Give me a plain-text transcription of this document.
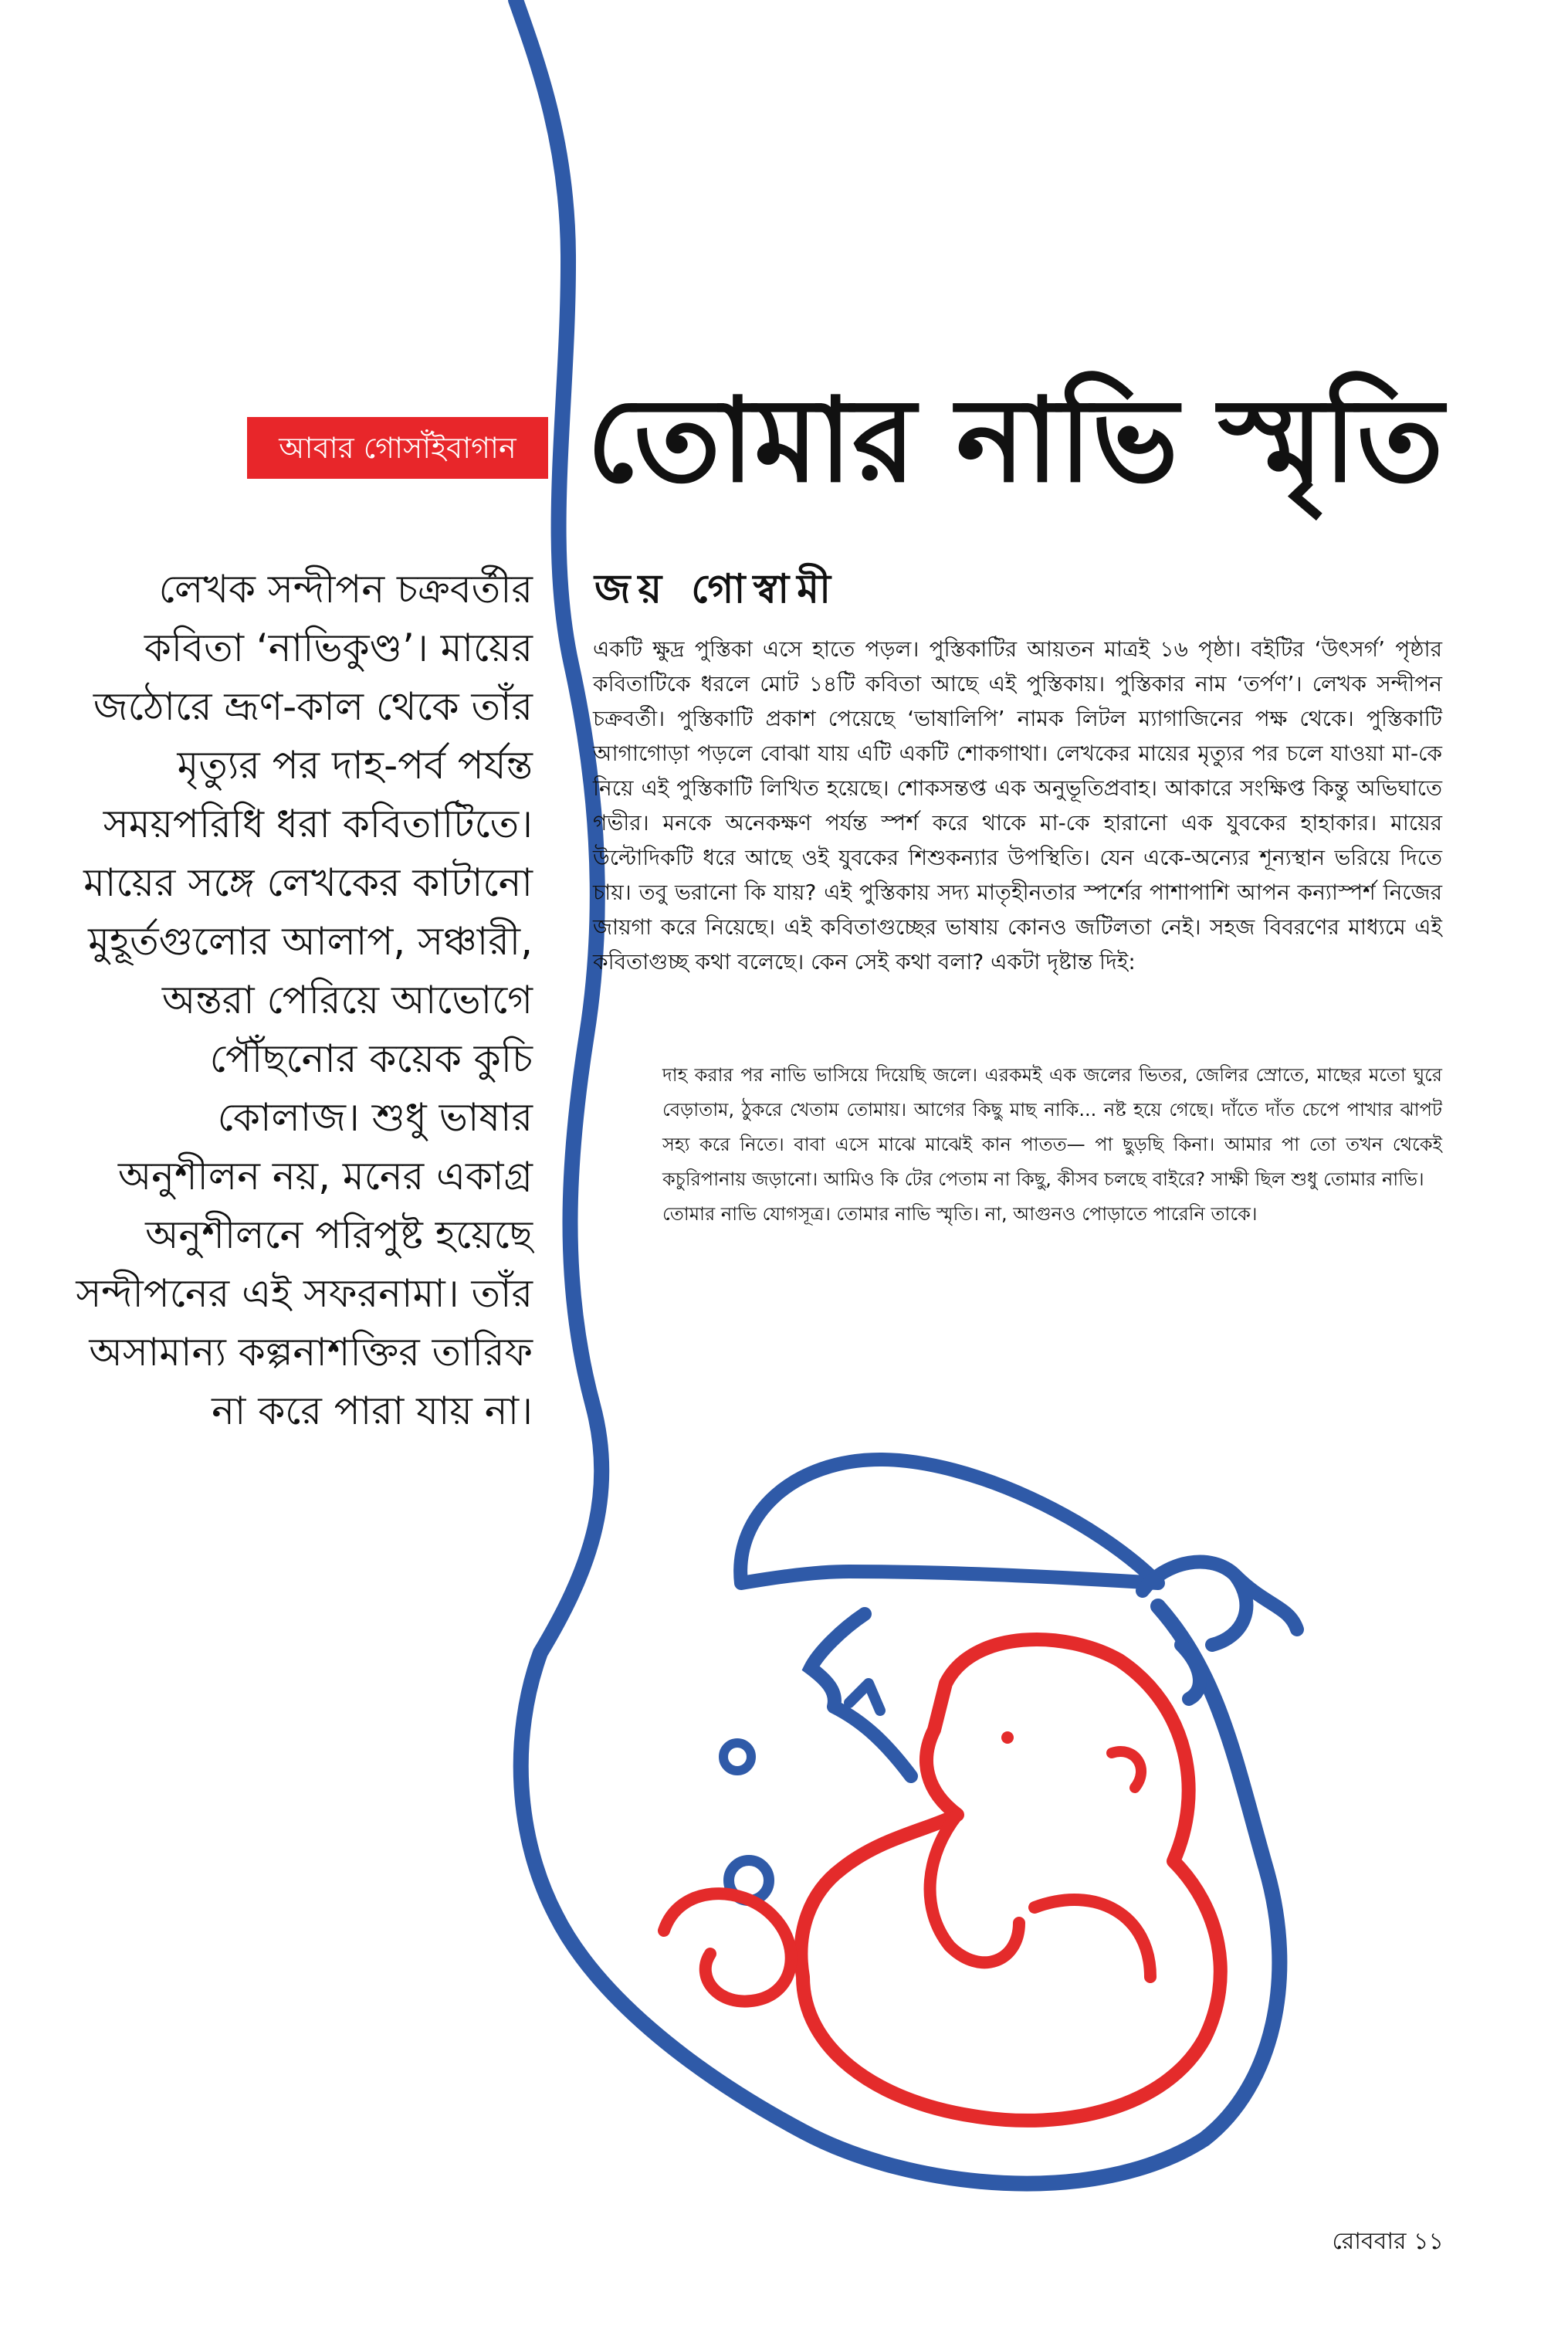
আবার গোসাঁইবাগান তোমার নাভি স্মৃতি
জয় গোস্বামী
লেখক সন্দীপন চক্রবর্তীর কবিতা ‘নাভিকুণ্ড’। মায়ের জঠোরে ভ্রূণ-কাল থেকে তাঁর মৃত্যুর পর দাহ-পর্ব পর্যন্ত সময়পরিধি ধরা কবিতাটিতে। মায়ের সঙ্গে লেখকের কাটানো মুহূর্তগুলোর আলাপ, সঞ্চারী, অন্তরা পেরিয়ে আভোগে পৌঁছনোর কয়েক কুচি কোলাজ। শুধু ভাষার অনুশীলন নয়, মনের একাগ্র অনুশীলনে পরিপুষ্ট হয়েছে সন্দীপনের এই সফরনামা। তাঁর অসামান্য কল্পনাশক্তির তারিফ না করে পারা যায় না।
একটি ক্ষুদ্র পুস্তিকা এসে হাতে পড়ল। পুস্তিকাটির আয়তন মাত্রই ১৬ পৃষ্ঠা। বইটির ‘উৎসর্গ’ পৃষ্ঠার কবিতাটিকে ধরলে মোট ১৪টি কবিতা আছে এই পুস্তিকায়। পুস্তিকার নাম ‘তর্পণ’। লেখক সন্দীপন চক্রবর্তী। পুস্তিকাটি প্রকাশ পেয়েছে ‘ভাষালিপি’ নামক লিটল ম্যাগাজিনের পক্ষ থেকে। পুস্তিকাটি আগাগোড়া পড়লে বোঝা যায় এটি একটি শোকগাথা। লেখকের মায়ের মৃত্যুর পর চলে যাওয়া মা-কে নিয়ে এই পুস্তিকাটি লিখিত হয়েছে। শোকসন্তপ্ত এক অনুভূতিপ্রবাহ। আকারে সংক্ষিপ্ত কিন্তু অভিঘাতে গভীর। মনকে অনেকক্ষণ পর্যন্ত স্পর্শ করে থাকে মা-কে হারানো এক যুবকের হাহাকার। মায়ের উল্টোদিকটি ধরে আছে ওই যুবকের শিশুকন্যার উপস্থিতি। যেন একে-অন্যের শূন্যস্থান ভরিয়ে দিতে চায়। তবু ভরানো কি যায়? এই পুস্তিকায় সদ্য মাতৃহীনতার স্পর্শের পাশাপাশি আপন কন্যাস্পর্শ নিজের জায়গা করে নিয়েছে। এই কবিতাগুচ্ছের ভাষায় কোনও জটিলতা নেই। সহজ বিবরণের মাধ্যমে এই কবিতাগুচ্ছ কথা বলেছে। কেন সেই কথা বলা? একটা দৃষ্টান্ত দিই:

দাহ করার পর নাভি ভাসিয়ে দিয়েছি জলে। এরকমই এক জলের ভিতর, জেলির স্রোতে, মাছের মতো ঘুরে বেড়াতাম, ঠুকরে খেতাম তোমায়। আগের কিছু মাছ নাকি... নষ্ট হয়ে গেছে। দাঁতে দাঁত চেপে পাখার ঝাপট সহ্য করে নিতে। বাবা এসে মাঝে মাঝেই কান পাতত— পা ছুড়ছি কিনা। আমার পা তো তখন থেকেই কচুরিপানায় জড়ানো। আমিও কি টের পেতাম না কিছু, কীসব চলছে বাইরে? সাক্ষী ছিল শুধু তোমার নাভি।

তোমার নাভি যোগসূত্র। তোমার নাভি স্মৃতি। না, আগুনও পোড়াতে পারেনি তাকে।

রোববার ১১
